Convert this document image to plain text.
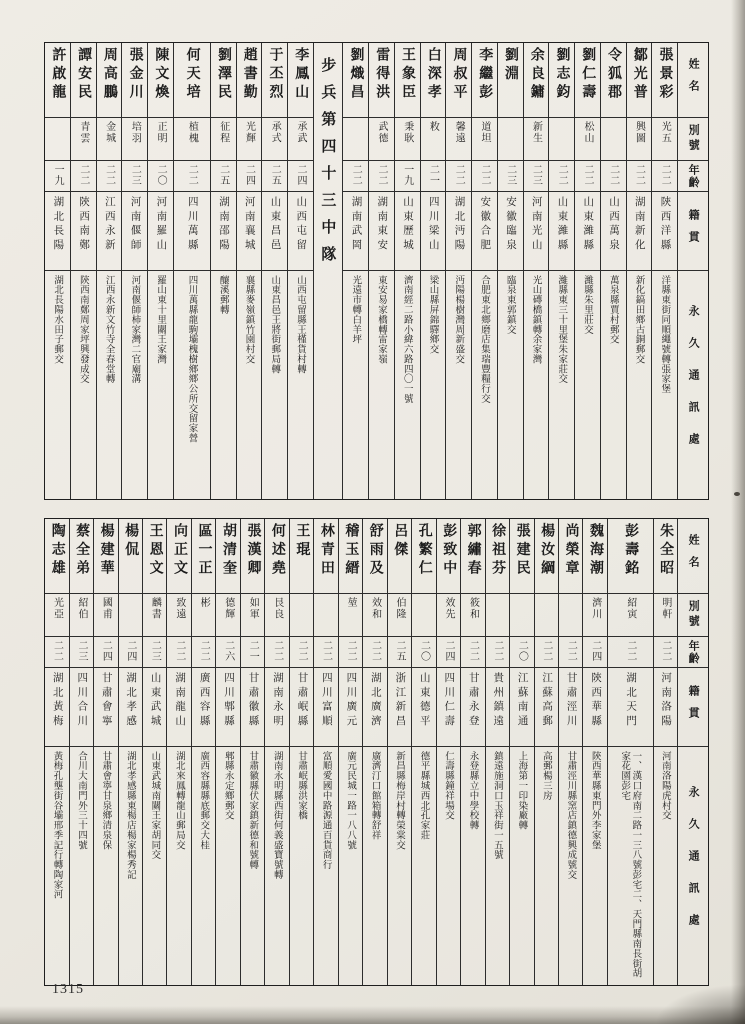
姓名
別號
年齡
籍貫
永久通訊處
張景彩
光五
二二
陝西洋縣
洋縣東街同順繩號轉張家堡
鄒光普
興圖
二二
湖南新化
新化鎬田鄉古銅郵交
令狐郡
二二
山西萬泉
萬泉縣賈村郵交
劉仁壽
松山
二二
山東濰縣
濰縣朱里莊交
劉志鈞
二二
山東濰縣
濰縣東三十里堡朱家莊交
余良鏞
新生
二三
河南光山
光山磚橋鎮轉余家灣
劉淵
二三
安徽臨泉
臨泉東郭鎮交
李繼彭
道坦
二二
安徽合肥
合肥東北鄉磨店集瑞豐糧行交
周叔平
馨遠
二二
湖北沔陽
沔陽楊樹灣周新盛交
白深孝
敉
二一
四川梁山
梁山縣屏錦驛鄉交
王象臣
秉耿
一九
山東歷城
濟南經二路小緯六路四〇一號
雷得洪
武德
二二
湖南東安
東安易家橋轉雷家嶺
劉熾昌
二二
湖南武岡
光遠市轉白羊坪
步兵第四十三中隊
李鳳山
承武
二四
山西屯留
山西屯留縣王槿貨村轉
于丕烈
承式
二五
山東昌邑
山東昌邑王將街郵局轉
趙書勤
光輝
二四
河南襄城
襄縣麥嶺鎮竹園村交
劉澤民
征程
二五
湖南邵陽
釀溪郵轉
何天培
植槐
二二
四川萬縣
四川萬縣龍駒壩槐樹鄉鄉公所交留家營
陳文煥
正明
二〇
河南羅山
羅山東十里關王家灣
張金川
培羽
二三
河南偃師
河南偃師柿家灣二官廟溝
周高鵬
金城
二二
江西永新
江西永新文竹寺全春堂轉
譚安民
青雲
二二
陝西南鄭
陝西南鄭周家坪興發成交
許啟龍
一九
湖北長陽
湖北長陽水田子郵交
姓名
別號
年齡
籍貫
永久通訊處
朱全昭
明軒
二二
河南洛陽
河南洛陽虎村交
彭壽銘
紹寅
二二
湖北天門
一、漢口府南二路一三八號彭宅二、天門縣南長街胡家花園彭宅
魏海潮
濟川
二四
陝西華縣
陝西華縣東門外李家堡
尚榮章
二二
甘肅涇川
甘肅涇川縣窯店鎮德興成號交
楊汝綱
二二
江蘇高郵
高郵楊三房
張建民
二〇
江蘇南通
上海第一印染廠轉
徐祖芬
二二
貴州鎮遠
鎮遠施洞口玉祥街一五號
郭繡春
筱和
二二
甘肅永登
永登縣立中學校轉
彭致中
效先
二四
四川仁壽
仁壽縣鐘祥場交
孔繁仁
二〇
山東德平
德平縣城西北孔家莊
呂傑
伯隆
二五
浙江新昌
新昌縣梅岸村轉榮棠交
舒雨及
效和
二二
湖北廣濟
廣濟汀口館箱轉舒祥
稽玉縉
堃
二二
四川廣元
廣元民城一路一八八號
林青田
二二
四川富順
富順愛國中路源通百貨商行
王琨
二二
甘肅岷縣
甘肅岷縣洪家橋
何述堯
艮良
二二
湖南永明
湖南永明縣西街何義盛寶號轉
張漢卿
如軍
二一
甘肅徽縣
甘肅徽縣伏家鎮新德和號轉
胡清奎
德輝
二六
四川郫縣
郫縣永定鄉郵交
區一正
彬
二二
廣西容縣
廣西容縣縣底郵交大桂
向正文
致遠
二二
湖南龍山
湖北來鳳轉龍山郵局交
王恩文
麟書
二三
山東武城
山東武城南關王家胡同交
楊侃
二四
湖北孝感
湖北孝感縣東楊店楊家楊秀記
楊建華
國甫
二四
甘肅會寧
甘肅會寧甘泉鄉清泉保
蔡全弟
紹伯
二三
四川合川
合川大南門外三十四號
陶志雄
光亞
二二
湖北黃梅
黃梅孔壟街谷壩邢季記行轉陶家河
1315
